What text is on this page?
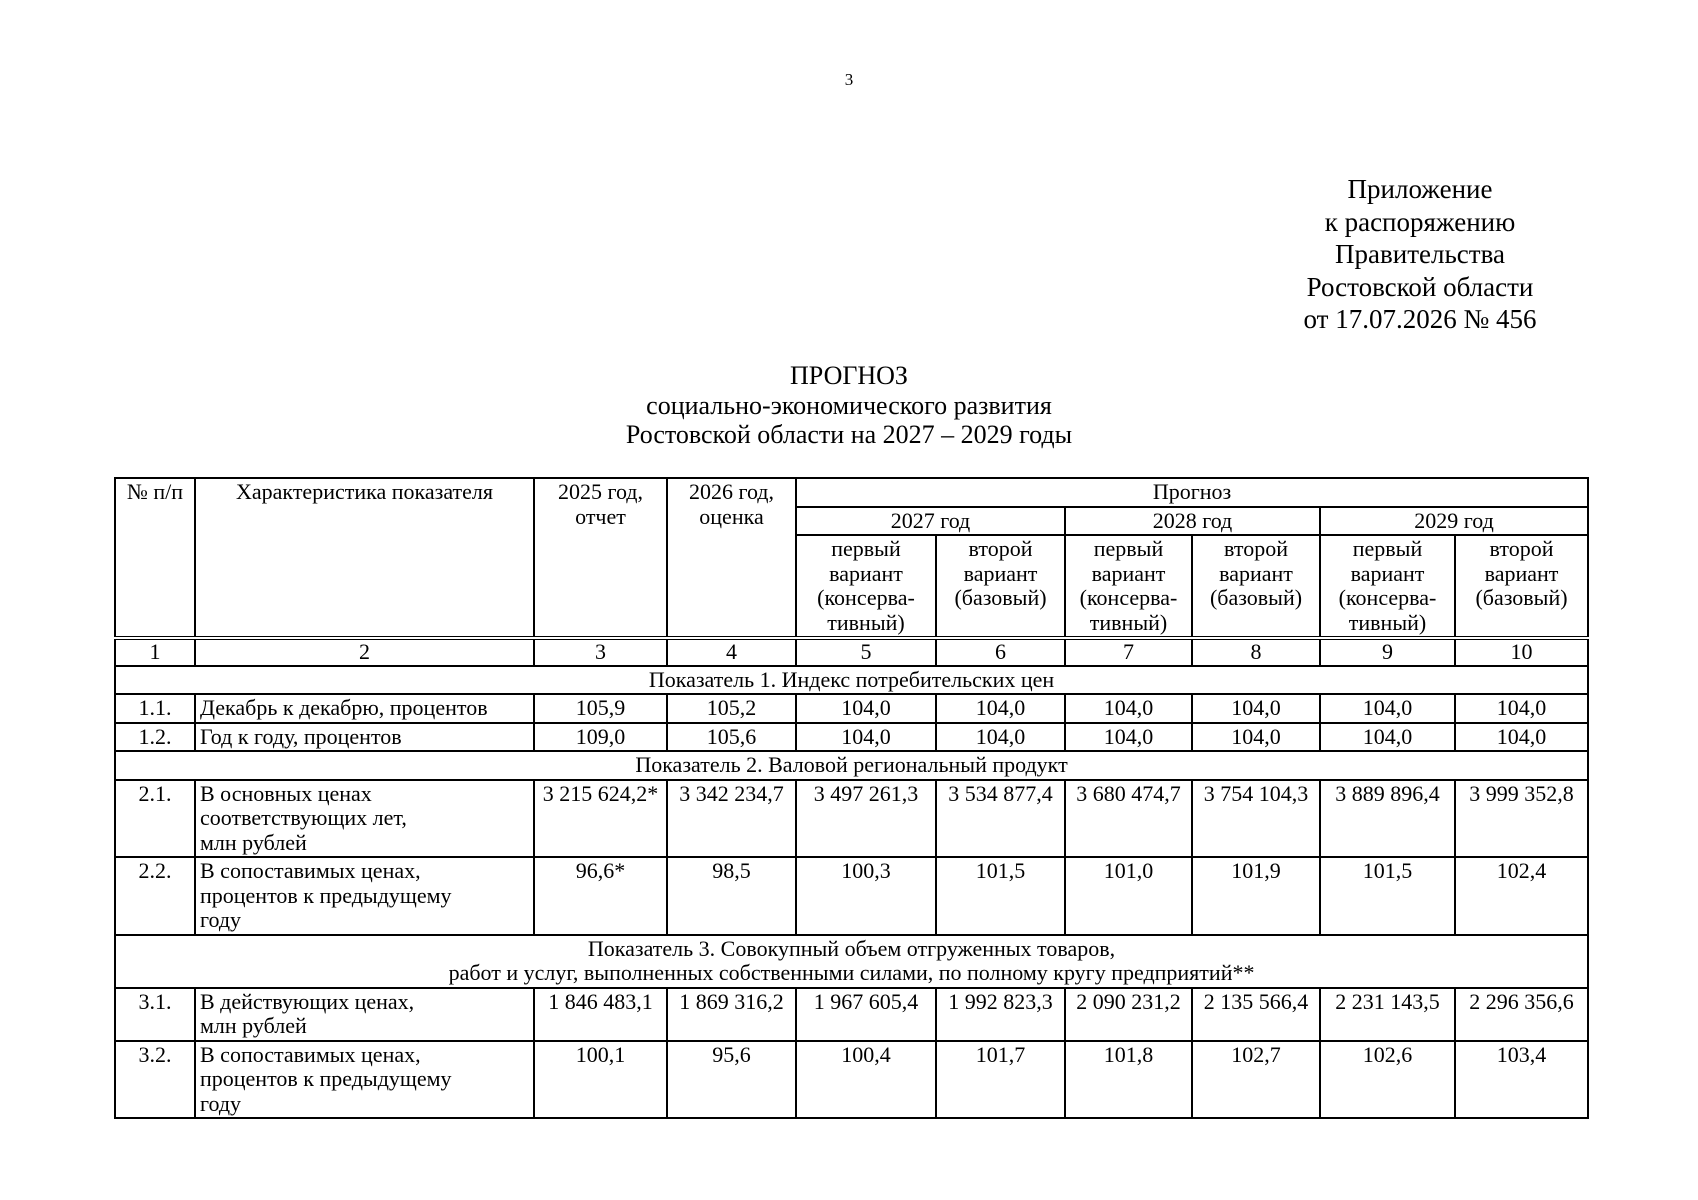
3
Приложение
к распоряжению
Правительства
Ростовской области
от 17.07.2026 № 456
ПРОГНОЗ
социально-экономического развития
Ростовской области на 2027 – 2029 годы
№ п/п	Характеристика показателя	2025 год, отчет	2026 год, оценка	Прогноз					
				2027 год		2028 год		2029 год	
				первый вариант (консерва-тивный)	второй вариант (базовый)	первый вариант (консерва-тивный)	второй вариант (базовый)	первый вариант (консерва-тивный)	второй вариант (базовый)
1	2	3	4	5	6	7	8	9	10

Показатель 1. Индекс потребительских цен									

1.1.	Декабрь к декабрю, процентов	105,9	105,2	104,0	104,0	104,0	104,0	104,0	104,0
1.2.	Год к году, процентов	109,0	105,6	104,0	104,0	104,0	104,0	104,0	104,0

Показатель 2. Валовой региональный продукт									

2.1.	В основных ценах
соответствующих лет,
млн рублей	3 215 624,2*	3 342 234,7	3 497 261,3	3 534 877,4	3 680 474,7	3 754 104,3	3 889 896,4	3 999 352,8
2.2.	В сопоставимых ценах,
процентов к предыдущему
году	96,6*	98,5	100,3	101,5	101,0	101,9	101,5	102,4

Показатель 3. Совокупный объем отгруженных товаров,
работ и услуг, выполненных собственными силами, по полному кругу предприятий**									

3.1.	В действующих ценах,
млн рублей	1 846 483,1	1 869 316,2	1 967 605,4	1 992 823,3	2 090 231,2	2 135 566,4	2 231 143,5	2 296 356,6
3.2.	В сопоставимых ценах,
процентов к предыдущему
году	100,1	95,6	100,4	101,7	101,8	102,7	102,6	103,4
